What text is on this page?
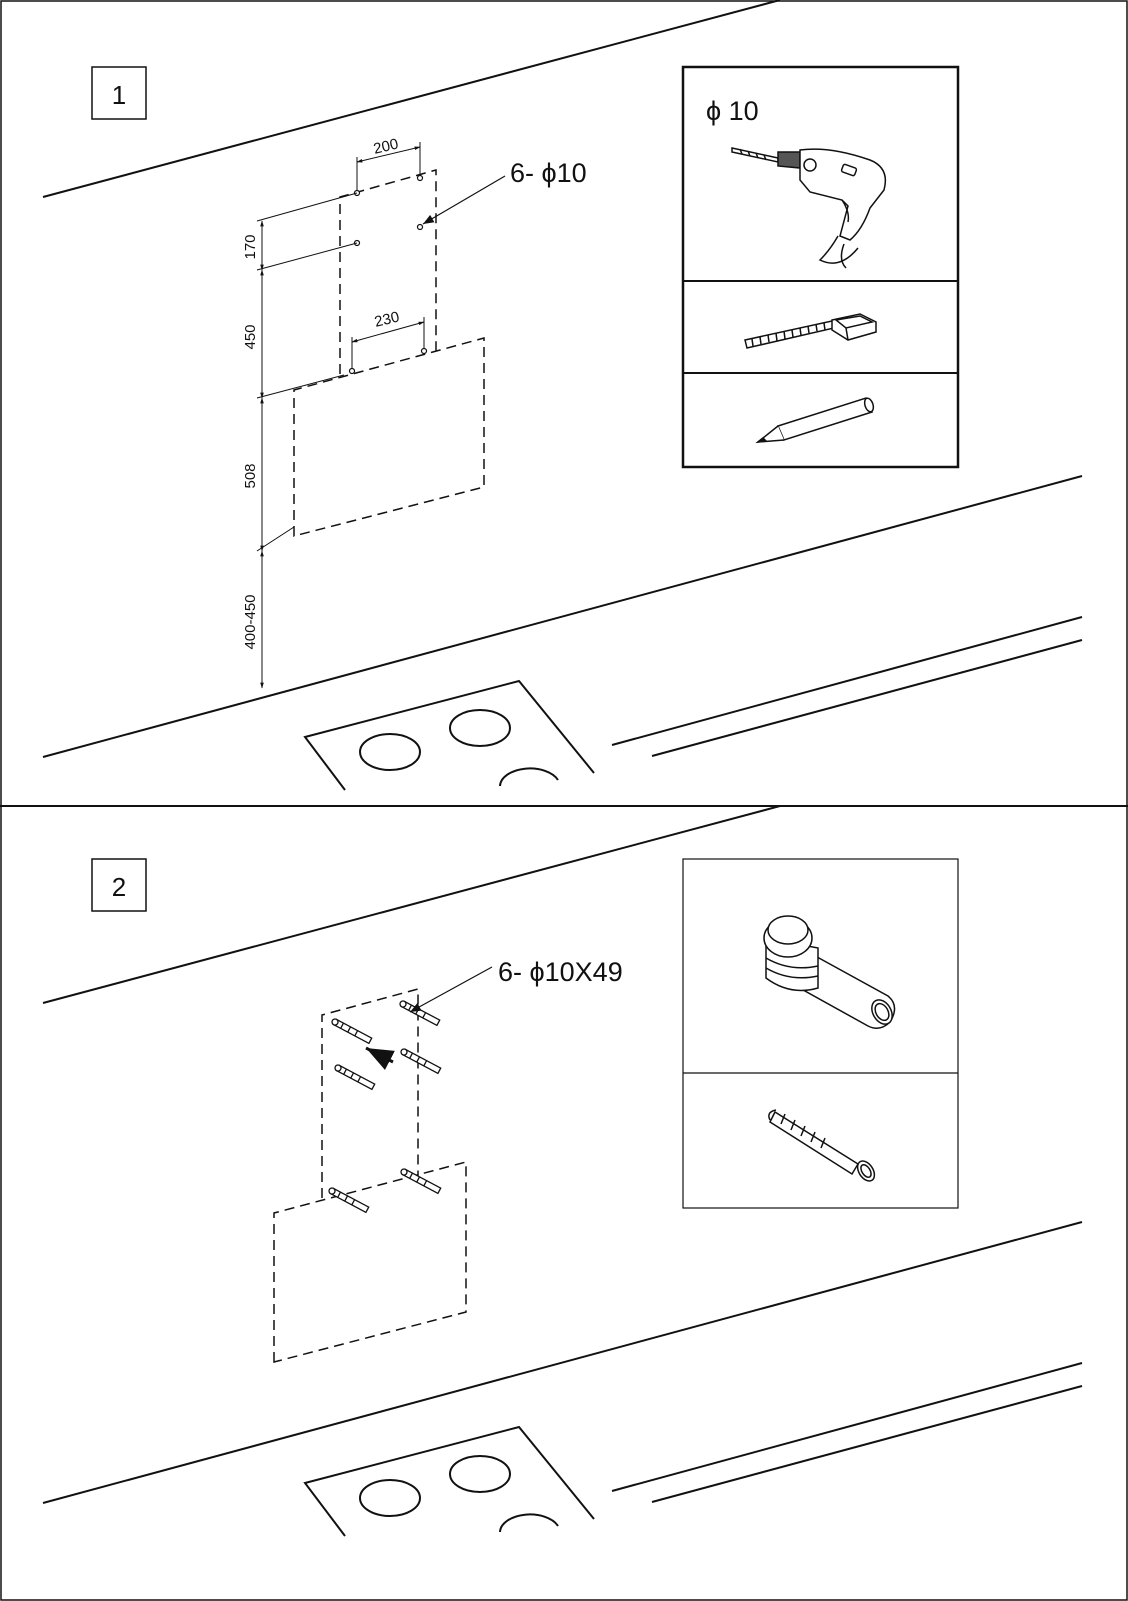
1
200
230
170
450
508
400-450
6- ϕ10
ϕ 10
2
6- ϕ10X49
